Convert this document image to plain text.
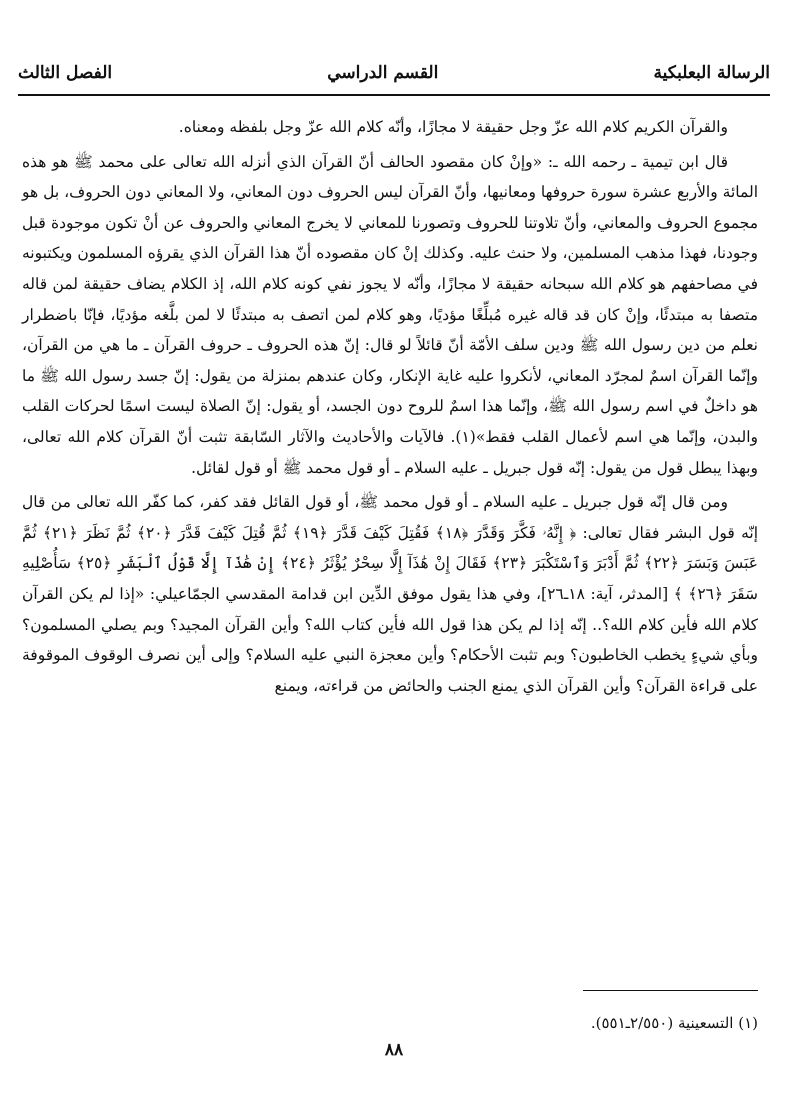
الرسالة البعلبكية
القسم الدراسي
الفصل الثالث

والقرآن الكريم كلام الله عزّ وجل حقيقة لا مجازًا، وأنّه كلام الله عزّ وجل بلفظه ومعناه.

قال ابن تيمية ـ رحمه الله ـ: «وإنْ كان مقصود الحالف أنّ القرآن الذي أنزله الله تعالى على محمد ﷺ هو هذه المائة والأربع عشرة سورة حروفها ومعانيها، وأنّ القرآن ليس الحروف دون المعاني، ولا المعاني دون الحروف، بل هو مجموع الحروف والمعاني، وأنّ تلاوتنا للحروف وتصورنا للمعاني لا يخرج المعاني والحروف عن أنْ تكون موجودة قبل وجودنا، فهذا مذهب المسلمين، ولا حنث عليه. وكذلك إنْ كان مقصوده أنّ هذا القرآن الذي يقرؤه المسلمون ويكتبونه في مصاحفهم هو كلام الله سبحانه حقيقة لا مجازًا، وأنّه لا يجوز نفي كونه كلام الله، إذ الكلام يضاف حقيقة لمن قاله متصفا به مبتدئًا، وإنْ كان قد قاله غيره مُبلِّغًا مؤديًا، وهو كلام لمن اتصف به مبتدئًا لا لمن بلَّغه مؤديًا، فإنّا باضطرار نعلم من دين رسول الله ﷺ ودين سلف الأمّة أنّ قائلاً لو قال: إنّ هذه الحروف ـ حروف القرآن ـ ما هي من القرآن، وإنّما القرآن اسمٌ لمجرّد المعاني، لأنكروا عليه غاية الإنكار، وكان عندهم بمنزلة من يقول: إنّ جسد رسول الله ﷺ ما هو داخلٌ في اسم رسول الله ﷺ، وإنّما هذا اسمٌ للروح دون الجسد، أو يقول: إنّ الصلاة ليست اسمًا لحركات القلب والبدن، وإنّما هي اسم لأعمال القلب فقط»(١). فالآيات والأحاديث والآثار السّابقة تثبت أنّ القرآن كلام الله تعالى، وبهذا يبطل قول من يقول: إنّه قول جبريل ـ عليه السلام ـ أو قول محمد ﷺ أو قول لقائل.

ومن قال إنّه قول جبريل ـ عليه السلام ـ أو قول محمد ﷺ، أو قول القائل فقد كفر، كما كفّر الله تعالى من قال إنّه قول البشر فقال تعالى: ﴿ إِنَّهُۥ فَكَّرَ وَقَدَّرَ ﴿١٨﴾ فَقُتِلَ كَيْفَ قَدَّرَ ﴿١٩﴾ ثُمَّ قُتِلَ كَيْفَ قَدَّرَ ﴿٢٠﴾ ثُمَّ نَظَرَ ﴿٢١﴾ ثُمَّ عَبَسَ وَبَسَرَ ﴿٢٢﴾ ثُمَّ أَدْبَرَ وَٱسْتَكْبَرَ ﴿٢٣﴾ فَقَالَ إِنْ هَٰذَآ إِلَّا سِحْرٌ يُؤْثَرُ ﴿٢٤﴾ إِنْ هَٰذَآ إِلَّا قَوْلُ ٱلْبَشَرِ ﴿٢٥﴾ سَأُصْلِيهِ سَقَرَ ﴿٢٦﴾ ﴾ [المدثر، آية: ١٨ـ٢٦]، وفي هذا يقول موفق الدِّين ابن قدامة المقدسي الجمّاعيلي: «إذا لم يكن القرآن كلام الله فأين كلام الله؟.. إنّه إذا لم يكن هذا قول الله فأين كتاب الله؟ وأين القرآن المجيد؟ وبم يصلي المسلمون؟ وبأي شيءٍ يخطب الخاطبون؟ وبم تثبت الأحكام؟ وأين معجزة النبي عليه السلام؟ وإلى أين نصرف الوقوف الموقوفة على قراءة القرآن؟ وأين القرآن الذي يمنع الجنب والحائض من قراءته، ويمنع

(١) التسعينية (٢/٥٥٠ـ٥٥١).
٨٨
